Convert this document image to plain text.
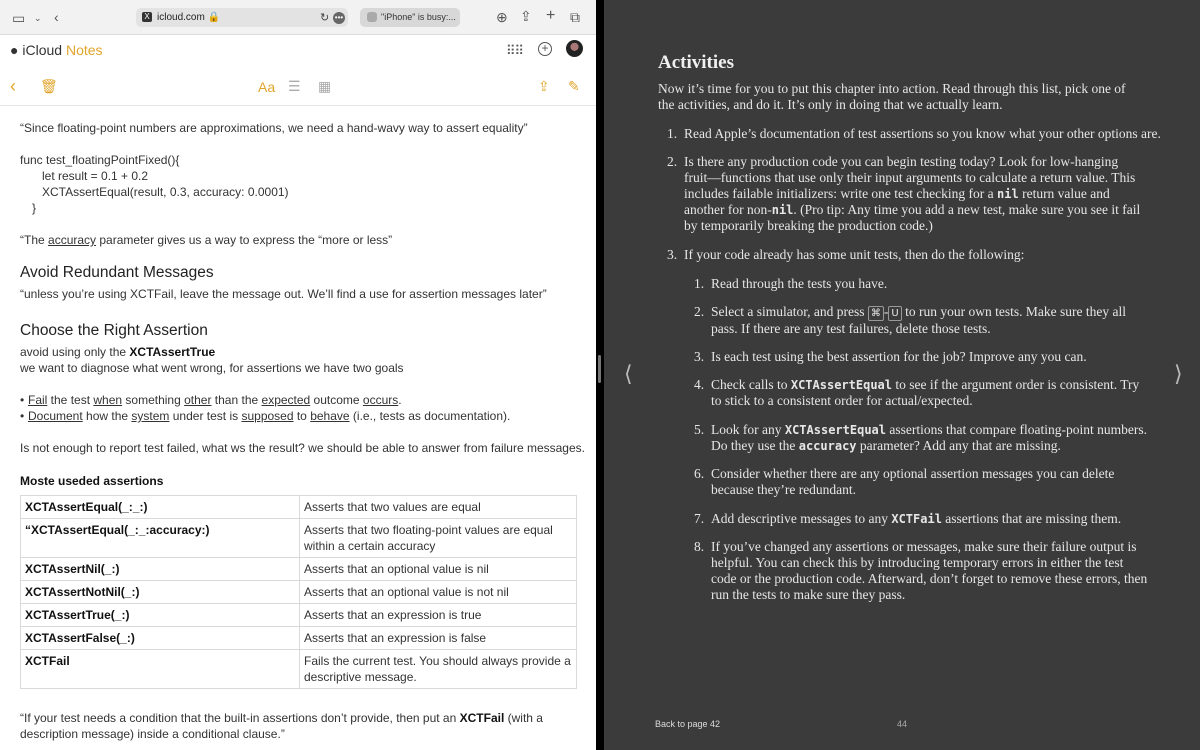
▭ ⌄ ‹	X icloud.com 🔒	↻ •••	"iPhone" is busy:...	⊕ ⇪ + ⧉
● iCloud Notes	⠿⠿ +
‹ 🗑	Aa ☰ ▦	⇪ ✎
“Since floating-point numbers are approximations, we need a hand-wavy way to assert equality”
func test_floatingPointFixed(){
let result = 0.1 + 0.2
XCTAssertEqual(result, 0.3, accuracy: 0.0001)
}
“The accuracy parameter gives us a way to express the “more or less”
Avoid Redundant Messages
“unless you’re using XCTFail, leave the message out. We’ll find a use for assertion messages later”
Choose the Right Assertion
avoid using only the XCTAssertTrue
we want to diagnose what went wrong, for assertions we have two goals
• Fail the test when something other than the expected outcome occurs.
• Document how the system under test is supposed to behave (i.e., tests as documentation).
Is not enough to report test failed, what ws the result? we should be able to answer from failure messages.
Moste useded assertions
XCTAssertEqual(_:_:)	Asserts that two values are equal
“XCTAssertEqual(_:_:accuracy:)	Asserts that two floating-point values are equal within a certain accuracy
XCTAssertNil(_:)	Asserts that an optional value is nil
XCTAssertNotNil(_:)	Asserts that an optional value is not nil
XCTAssertTrue(_:)	Asserts that an expression is true
XCTAssertFalse(_:)	Asserts that an expression is false
XCTFail	Fails the current test. You should always provide a descriptive message.
“If your test needs a condition that the built-in assertions don’t provide, then put an XCTFail (with a
description message) inside a conditional clause.”
Activities
Now it’s time for you to put this chapter into action. Read through this list, pick one of the activities, and do it. It’s only in doing that we actually learn.
1. Read Apple’s documentation of test assertions so you know what your other options are.
2. Is there any production code you can begin testing today? Look for low-hanging fruit—functions that use only their input arguments to calculate a return value. This includes failable initializers: write one test checking for a nil return value and another for non-nil. (Pro tip: Any time you add a new test, make sure you see it fail by temporarily breaking the production code.)
3. If your code already has some unit tests, then do the following:
1. Read through the tests you have.
2. Select a simulator, and press ⌘ - U to run your own tests. Make sure they all pass. If there are any test failures, delete those tests.
3. Is each test using the best assertion for the job? Improve any you can.
4. Check calls to XCTAssertEqual to see if the argument order is consistent. Try to stick to a consistent order for actual/expected.
5. Look for any XCTAssertEqual assertions that compare floating-point numbers. Do they use the accuracy parameter? Add any that are missing.
6. Consider whether there are any optional assertion messages you can delete because they’re redundant.
7. Add descriptive messages to any XCTFail assertions that are missing them.
8. If you’ve changed any assertions or messages, make sure their failure output is helpful. You can check this by introducing temporary errors in either the test code or the production code. Afterward, don’t forget to remove these errors, then run the tests to make sure they pass.
⟨	⟩
Back to page 42	44
